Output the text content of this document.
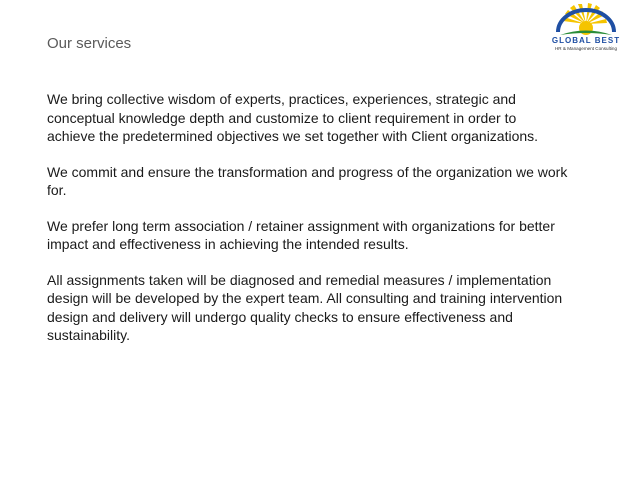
Our services	GLOBAL BEST
HR & Management Consulting
We bring collective wisdom of experts, practices, experiences, strategic and
conceptual knowledge depth and customize to client requirement in order to
achieve the predetermined objectives we set together with Client organizations.
We commit and ensure the transformation and progress of the organization we work
for.
We prefer long term association / retainer assignment with organizations for better
impact and effectiveness in achieving the intended results.
All assignments taken will be diagnosed and remedial measures / implementation
design will be developed by the expert team. All consulting and training intervention
design and delivery will undergo quality checks to ensure effectiveness and
sustainability.
